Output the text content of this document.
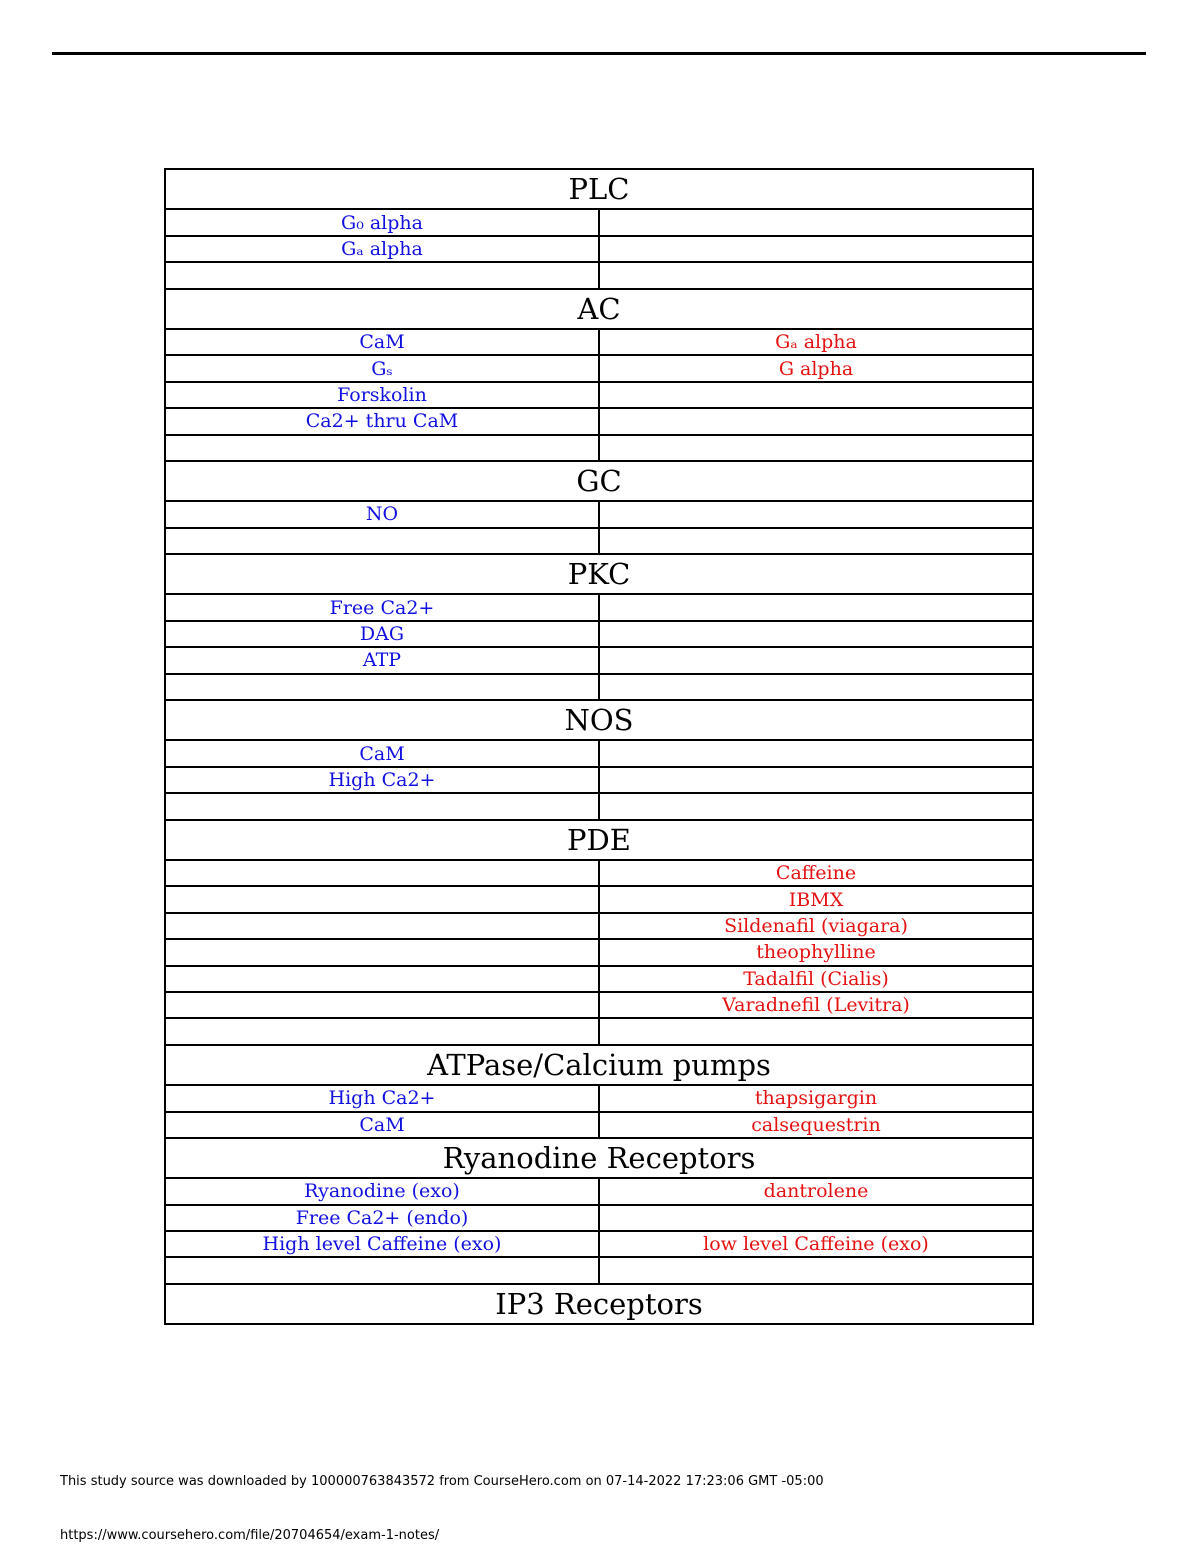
PLC	
G₀ alpha	
Gₐ alpha	

AC	
CaM	Gₐ alpha
Gₛ	G alpha
Forskolin	
Ca2+ thru CaM	

GC	
NO	

PKC	
Free Ca2+	
DAG	
ATP	

NOS	
CaM	
High Ca2+	

PDE	
	Caffeine
	IBMX
	Sildenafil (viagara)
	theophylline
	Tadalfil (Cialis)
	Varadnefil (Levitra)

ATPase/Calcium pumps	
High Ca2+	thapsigargin
CaM	calsequestrin
Ryanodine Receptors	
Ryanodine (exo)	dantrolene
Free Ca2+ (endo)	
High level Caffeine (exo)	low level Caffeine (exo)

IP3 Receptors	
This study source was downloaded by 100000763843572 from CourseHero.com on 07-14-2022 17:23:06 GMT -05:00
https://www.coursehero.com/file/20704654/exam-1-notes/
